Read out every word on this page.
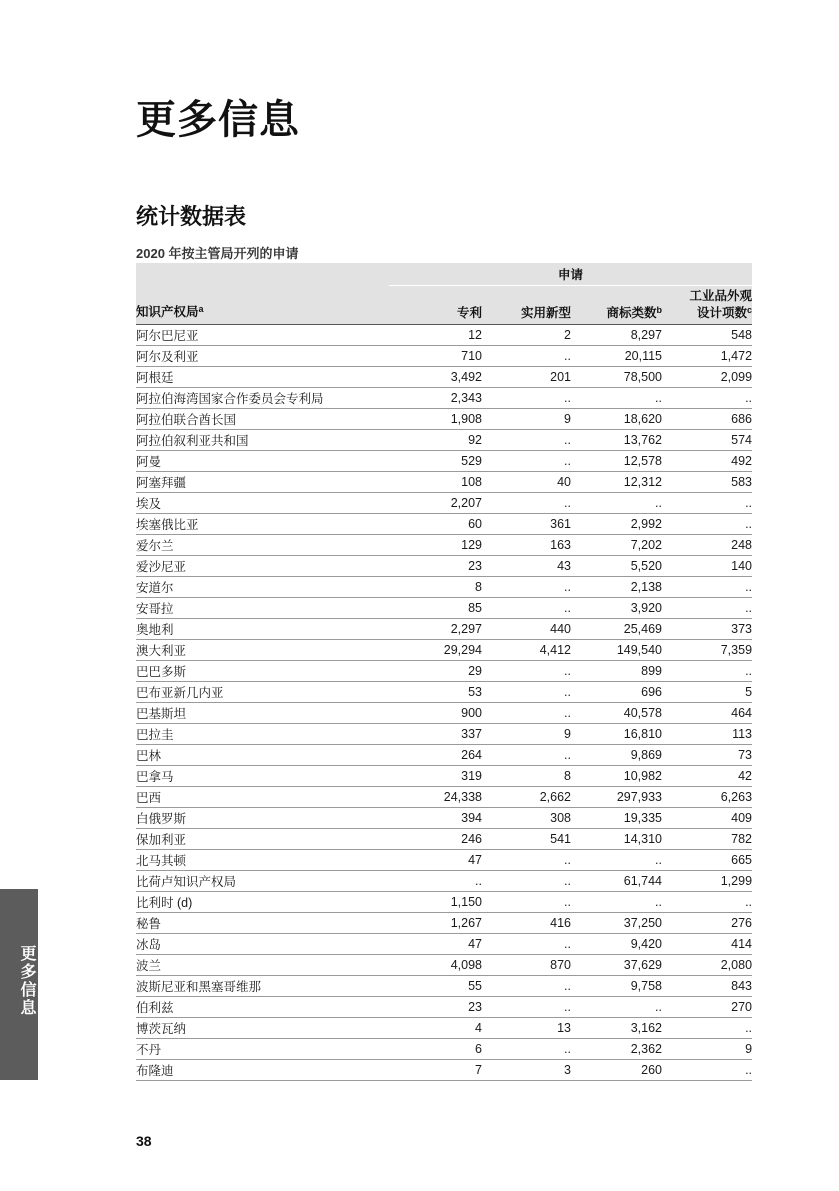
更多信息
统计数据表
2020 年按主管局开列的申请
	申请			
知识产权局$^a$	专利	实用新型	商标类数$^b$	工业品外观
设计项数$^c$
阿尔巴尼亚	12	2	8,297	548
阿尔及利亚	710	..	20,115	1,472
阿根廷	3,492	201	78,500	2,099
阿拉伯海湾国家合作委员会专利局	2,343	..	..	..
阿拉伯联合酋长国	1,908	9	18,620	686
阿拉伯叙利亚共和国	92	..	13,762	574
阿曼	529	..	12,578	492
阿塞拜疆	108	40	12,312	583
埃及	2,207	..	..	..
埃塞俄比亚	60	361	2,992	..
爱尔兰	129	163	7,202	248
爱沙尼亚	23	43	5,520	140
安道尔	8	..	2,138	..
安哥拉	85	..	3,920	..
奥地利	2,297	440	25,469	373
澳大利亚	29,294	4,412	149,540	7,359
巴巴多斯	29	..	899	..
巴布亚新几内亚	53	..	696	5
巴基斯坦	900	..	40,578	464
巴拉圭	337	9	16,810	113
巴林	264	..	9,869	73
巴拿马	319	8	10,982	42
巴西	24,338	2,662	297,933	6,263
白俄罗斯	394	308	19,335	409
保加利亚	246	541	14,310	782
北马其顿	47	..	..	665
比荷卢知识产权局	..	..	61,744	1,299
比利时 (d)	1,150	..	..	..
秘鲁	1,267	416	37,250	276
冰岛	47	..	9,420	414
波兰	4,098	870	37,629	2,080
波斯尼亚和黑塞哥维那	55	..	9,758	843
伯利兹	23	..	..	270
博茨瓦纳	4	13	3,162	..
不丹	6	..	2,362	9
布隆迪	7	3	260	..
更多信息
38
